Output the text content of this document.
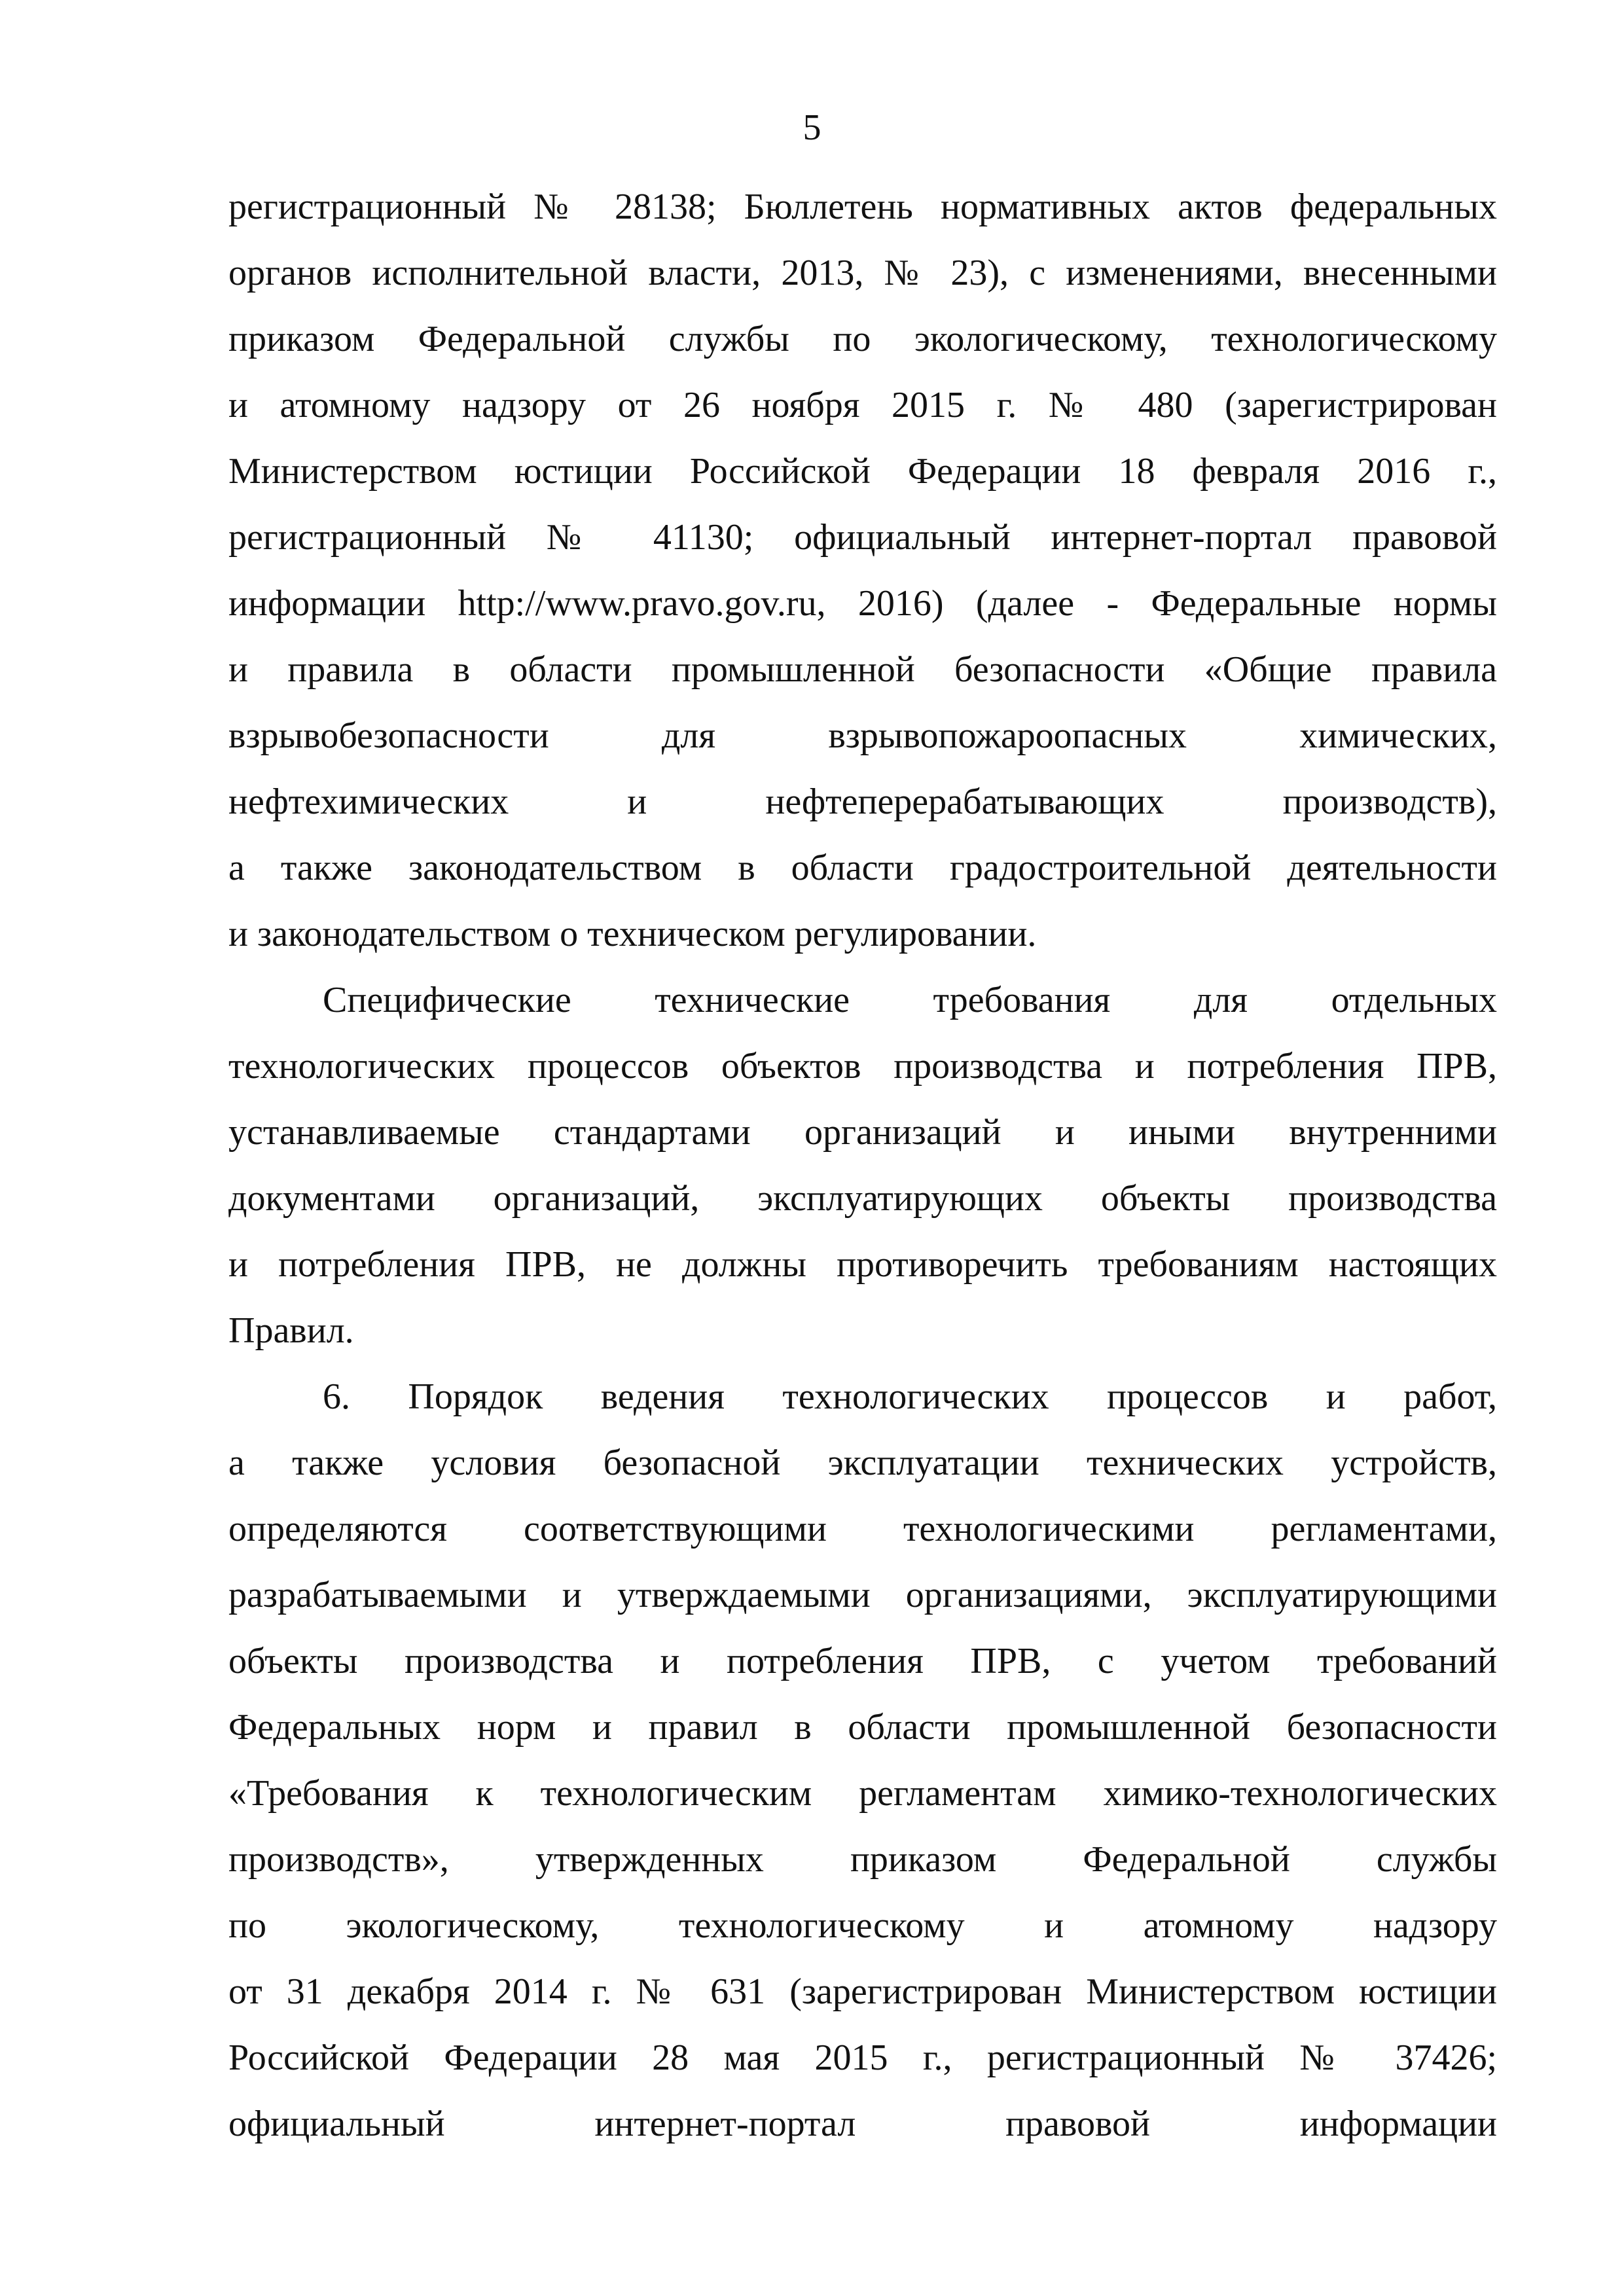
5
регистрационный № 28138; Бюллетень нормативных актов федеральных
органов исполнительной власти, 2013, № 23), с изменениями, внесенными
приказом Федеральной службы по экологическому, технологическому
и атомному надзору от 26 ноября 2015 г. № 480 (зарегистрирован
Министерством юстиции Российской Федерации 18 февраля 2016 г.,
регистрационный № 41130; официальный интернет-портал правовой
информации http://www.pravo.gov.ru, 2016) (далее - Федеральные нормы
и правила в области промышленной безопасности «Общие правила
взрывобезопасности для взрывопожароопасных химических,
нефтехимических и нефтеперерабатывающих производств),
а также законодательством в области градостроительной деятельности
и законодательством о техническом регулировании.
Специфические технические требования для отдельных
технологических процессов объектов производства и потребления ПРВ,
устанавливаемые стандартами организаций и иными внутренними
документами организаций, эксплуатирующих объекты производства
и потребления ПРВ, не должны противоречить требованиям настоящих
Правил.
6. Порядок ведения технологических процессов и работ,
а также условия безопасной эксплуатации технических устройств,
определяются соответствующими технологическими регламентами,
разрабатываемыми и утверждаемыми организациями, эксплуатирующими
объекты производства и потребления ПРВ, с учетом требований
Федеральных норм и правил в области промышленной безопасности
«Требования к технологическим регламентам химико-технологических
производств», утвержденных приказом Федеральной службы
по экологическому, технологическому и атомному надзору
от 31 декабря 2014 г. № 631 (зарегистрирован Министерством юстиции
Российской Федерации 28 мая 2015 г., регистрационный № 37426;
официальный интернет-портал правовой информации
